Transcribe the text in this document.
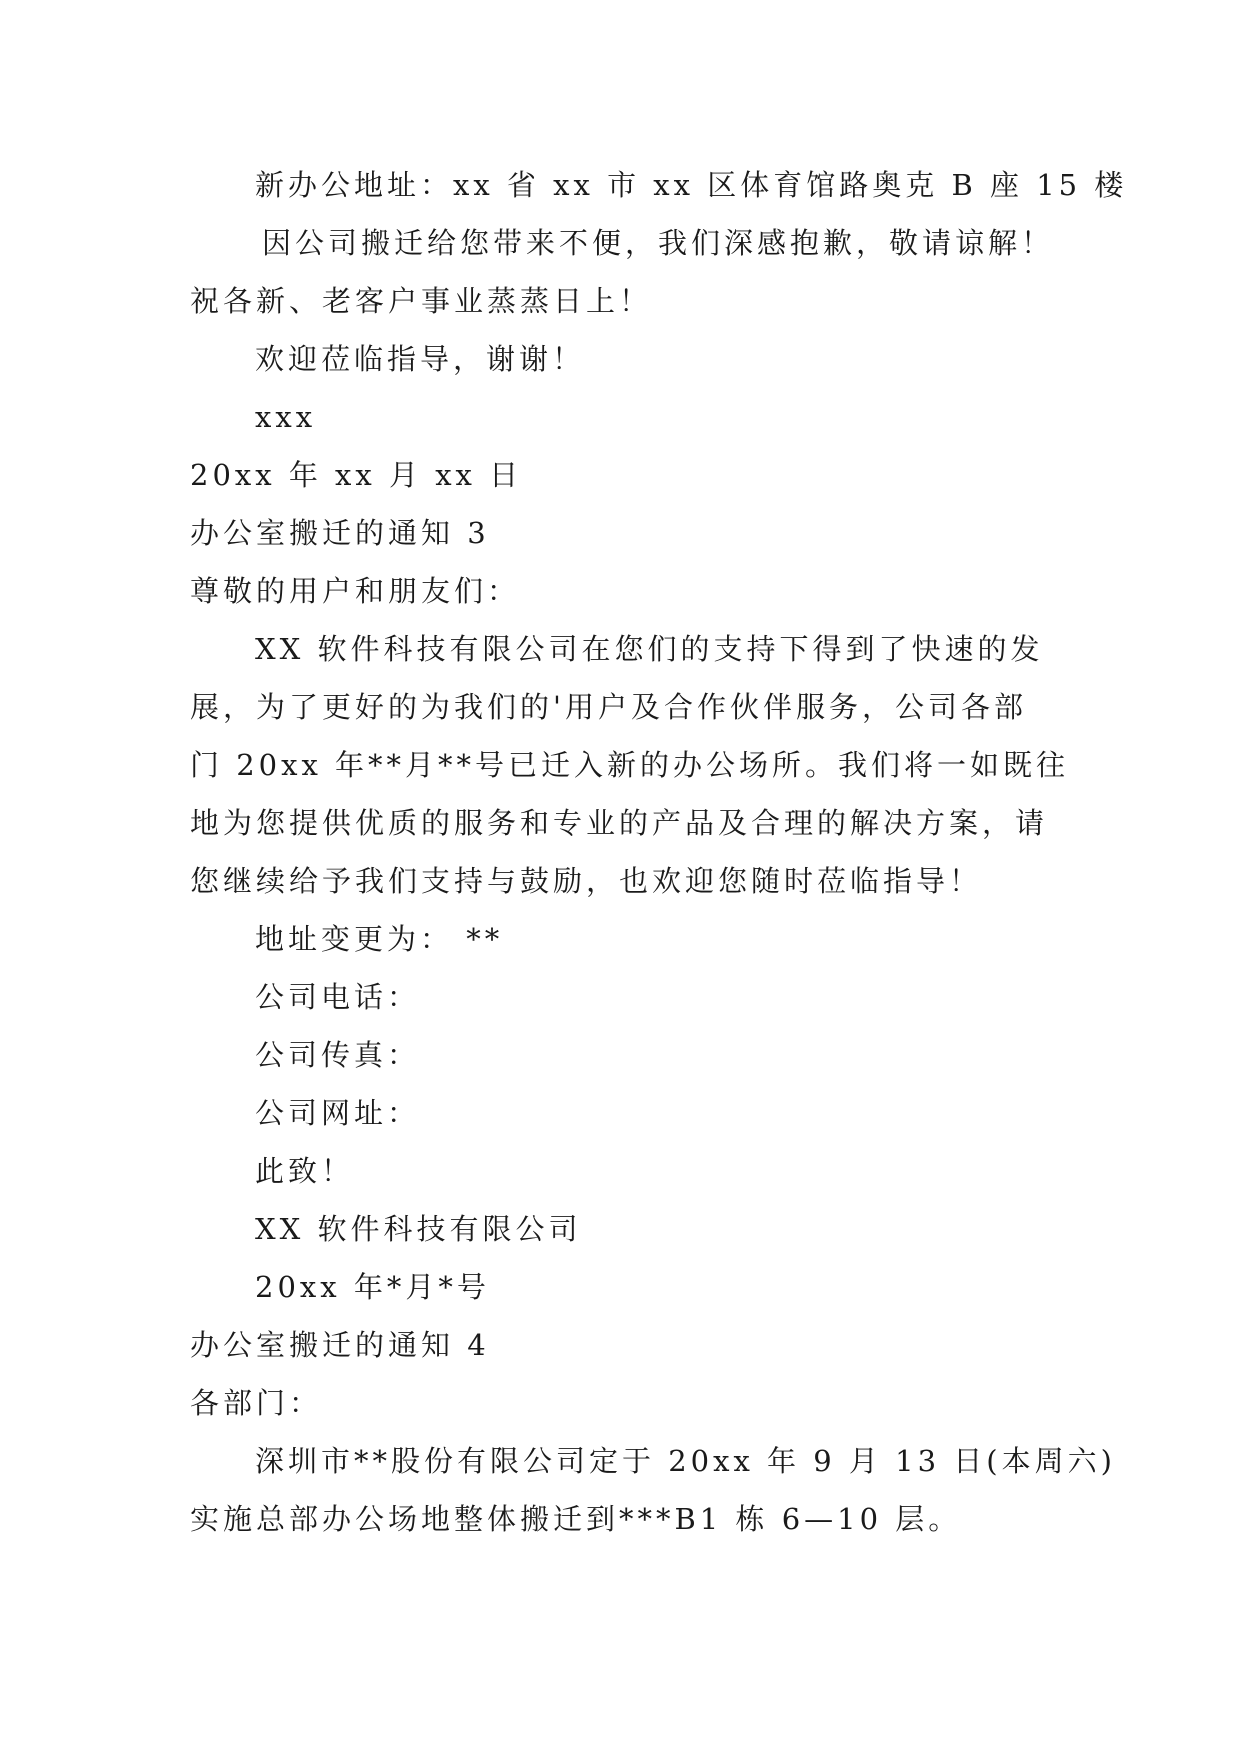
新办公地址：xx 省 xx 市 xx 区体育馆路奥克 B 座 15 楼
因公司搬迁给您带来不便，我们深感抱歉，敬请谅解！
祝各新、老客户事业蒸蒸日上！
欢迎莅临指导，谢谢！
xxx
20xx 年 xx 月 xx 日
办公室搬迁的通知 3
尊敬的用户和朋友们：
XX 软件科技有限公司在您们的支持下得到了快速的发
展，为了更好的为我们的'用户及合作伙伴服务，公司各部
门 20xx 年**月**号已迁入新的办公场所。我们将一如既往
地为您提供优质的服务和专业的产品及合理的解决方案，请
您继续给予我们支持与鼓励，也欢迎您随时莅临指导！
地址变更为： **
公司电话：
公司传真：
公司网址：
此致！
XX 软件科技有限公司
20xx 年*月*号
办公室搬迁的通知 4
各部门：
深圳市**股份有限公司定于 20xx 年 9 月 13 日(本周六)
实施总部办公场地整体搬迁到***B1 栋 6—10 层。
